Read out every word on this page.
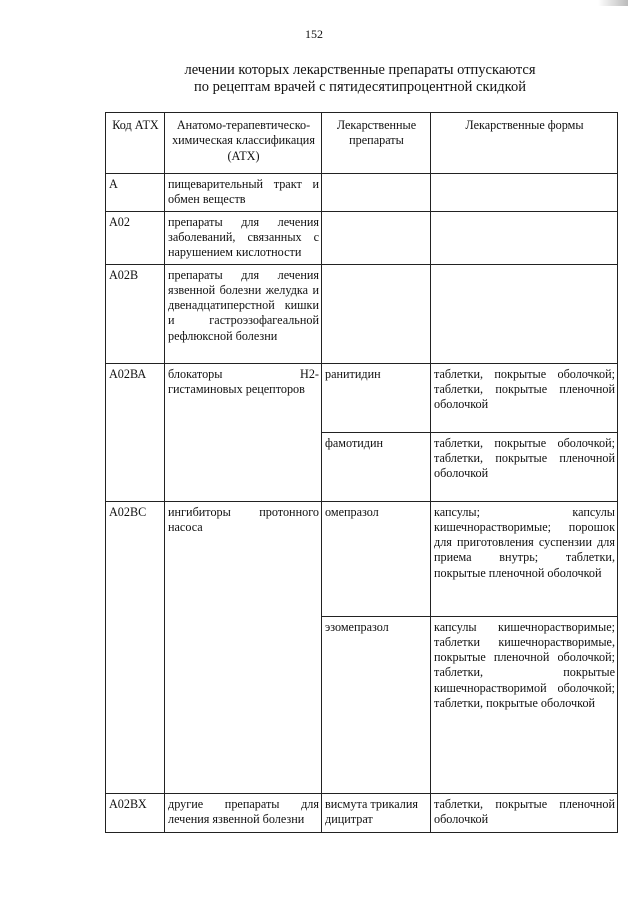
152
лечении которых лекарственные препараты отпускаются
по рецептам врачей с пятидесятипроцентной скидкой
Код АТХ	Анатомо-терапевтическо-химическая классификация (АТХ)	Лекарственные препараты	Лекарственные формы
А	пищеварительный тракт и обмен веществ		
А02	препараты для лечения заболеваний, связанных с нарушением кислотности		
А02В	препараты для лечения язвенной болезни желудка и двенадцатиперстной кишки и гастроэзофагеальной рефлюксной болезни		
А02ВА	блокаторы Н2-гистаминовых рецепторов	ранитидин	таблетки, покрытые оболочкой; таблетки, покрытые пленочной оболочкой
		фамотидин	таблетки, покрытые оболочкой; таблетки, покрытые пленочной оболочкой
А02ВС	ингибиторы протонного насоса	омепразол	капсулы; капсулы кишечнорастворимые; порошок для приготовления суспензии для приема внутрь; таблетки, покрытые пленочной оболочкой
		эзомепразол	капсулы кишечнорастворимые; таблетки кишечнорастворимые, покрытые пленочной оболочкой; таблетки, покрытые кишечнорастворимой оболочкой; таблетки, покрытые оболочкой
А02ВХ	другие препараты для лечения язвенной болезни	висмута трикалия дицитрат	таблетки, покрытые пленочной оболочкой
